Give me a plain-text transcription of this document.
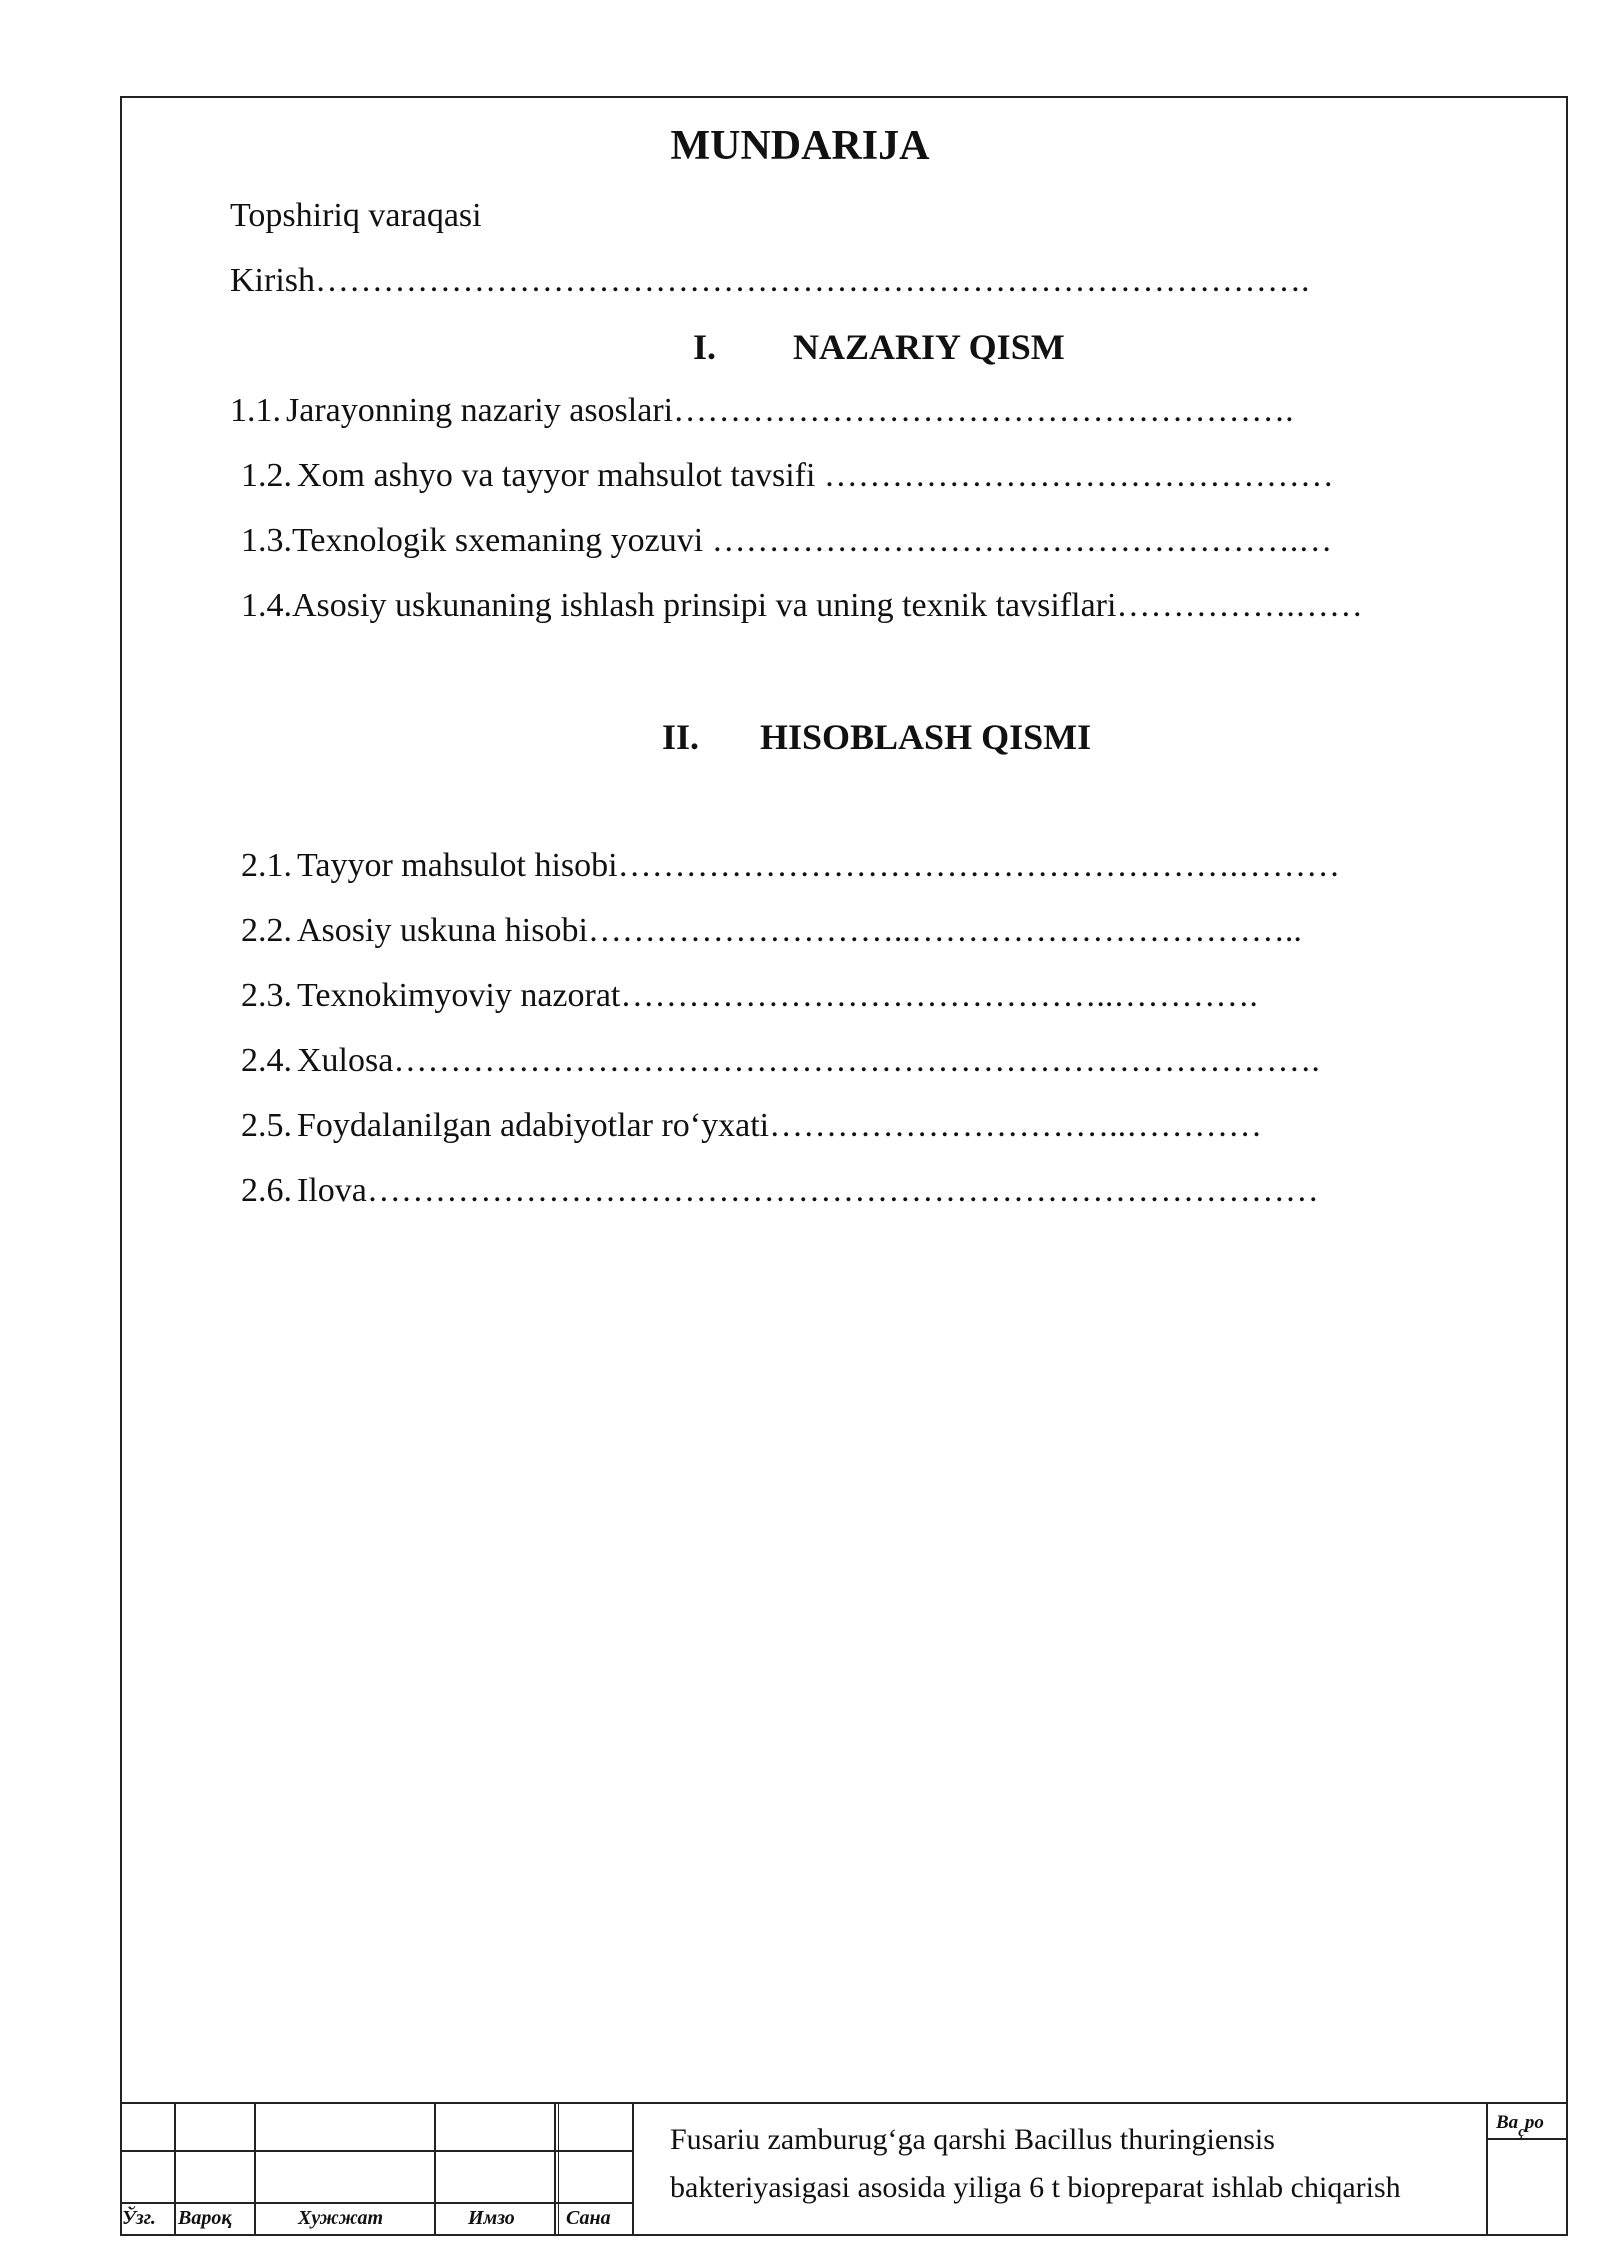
MUNDARIJA
Topshiriq varaqasi
Kirish…………………………………………………………………………….
I. NAZARIY QISM
1.1. Jarayonning nazariy asoslari……………………………………………….
1.2. Xom ashyo va tayyor mahsulot tavsifi ………………………………………
1.3.Texnologik sxemaning yozuvi …………………………………………….…
1.4.Asosiy uskunaning ishlash prinsipi va uning texnik tavsiflari…………….……
II. HISOBLASH QISMI
2.1. Tayyor mahsulot hisobi……………………………………………….………
2.2. Asosiy uskuna hisobi………………………..……………………………..
2.3. Texnokimyoviy nazorat……………………………………..………….
2.4. Xulosa……………………………………………………………………….
2.5. Foydalanilgan adabiyotlar ro‘yxati…………………………..…………
2.6. Ilova…………………………………………………………………………
Ўзг. Варoқ	Хужжат	Имзо	Сана
Fusariu zamburug‘ga qarshi Bacillus thuringiensis
bakteriyasigasi asosida yiliga 6 t biopreparat ishlab chiqarish
$Ва_ҫро$
